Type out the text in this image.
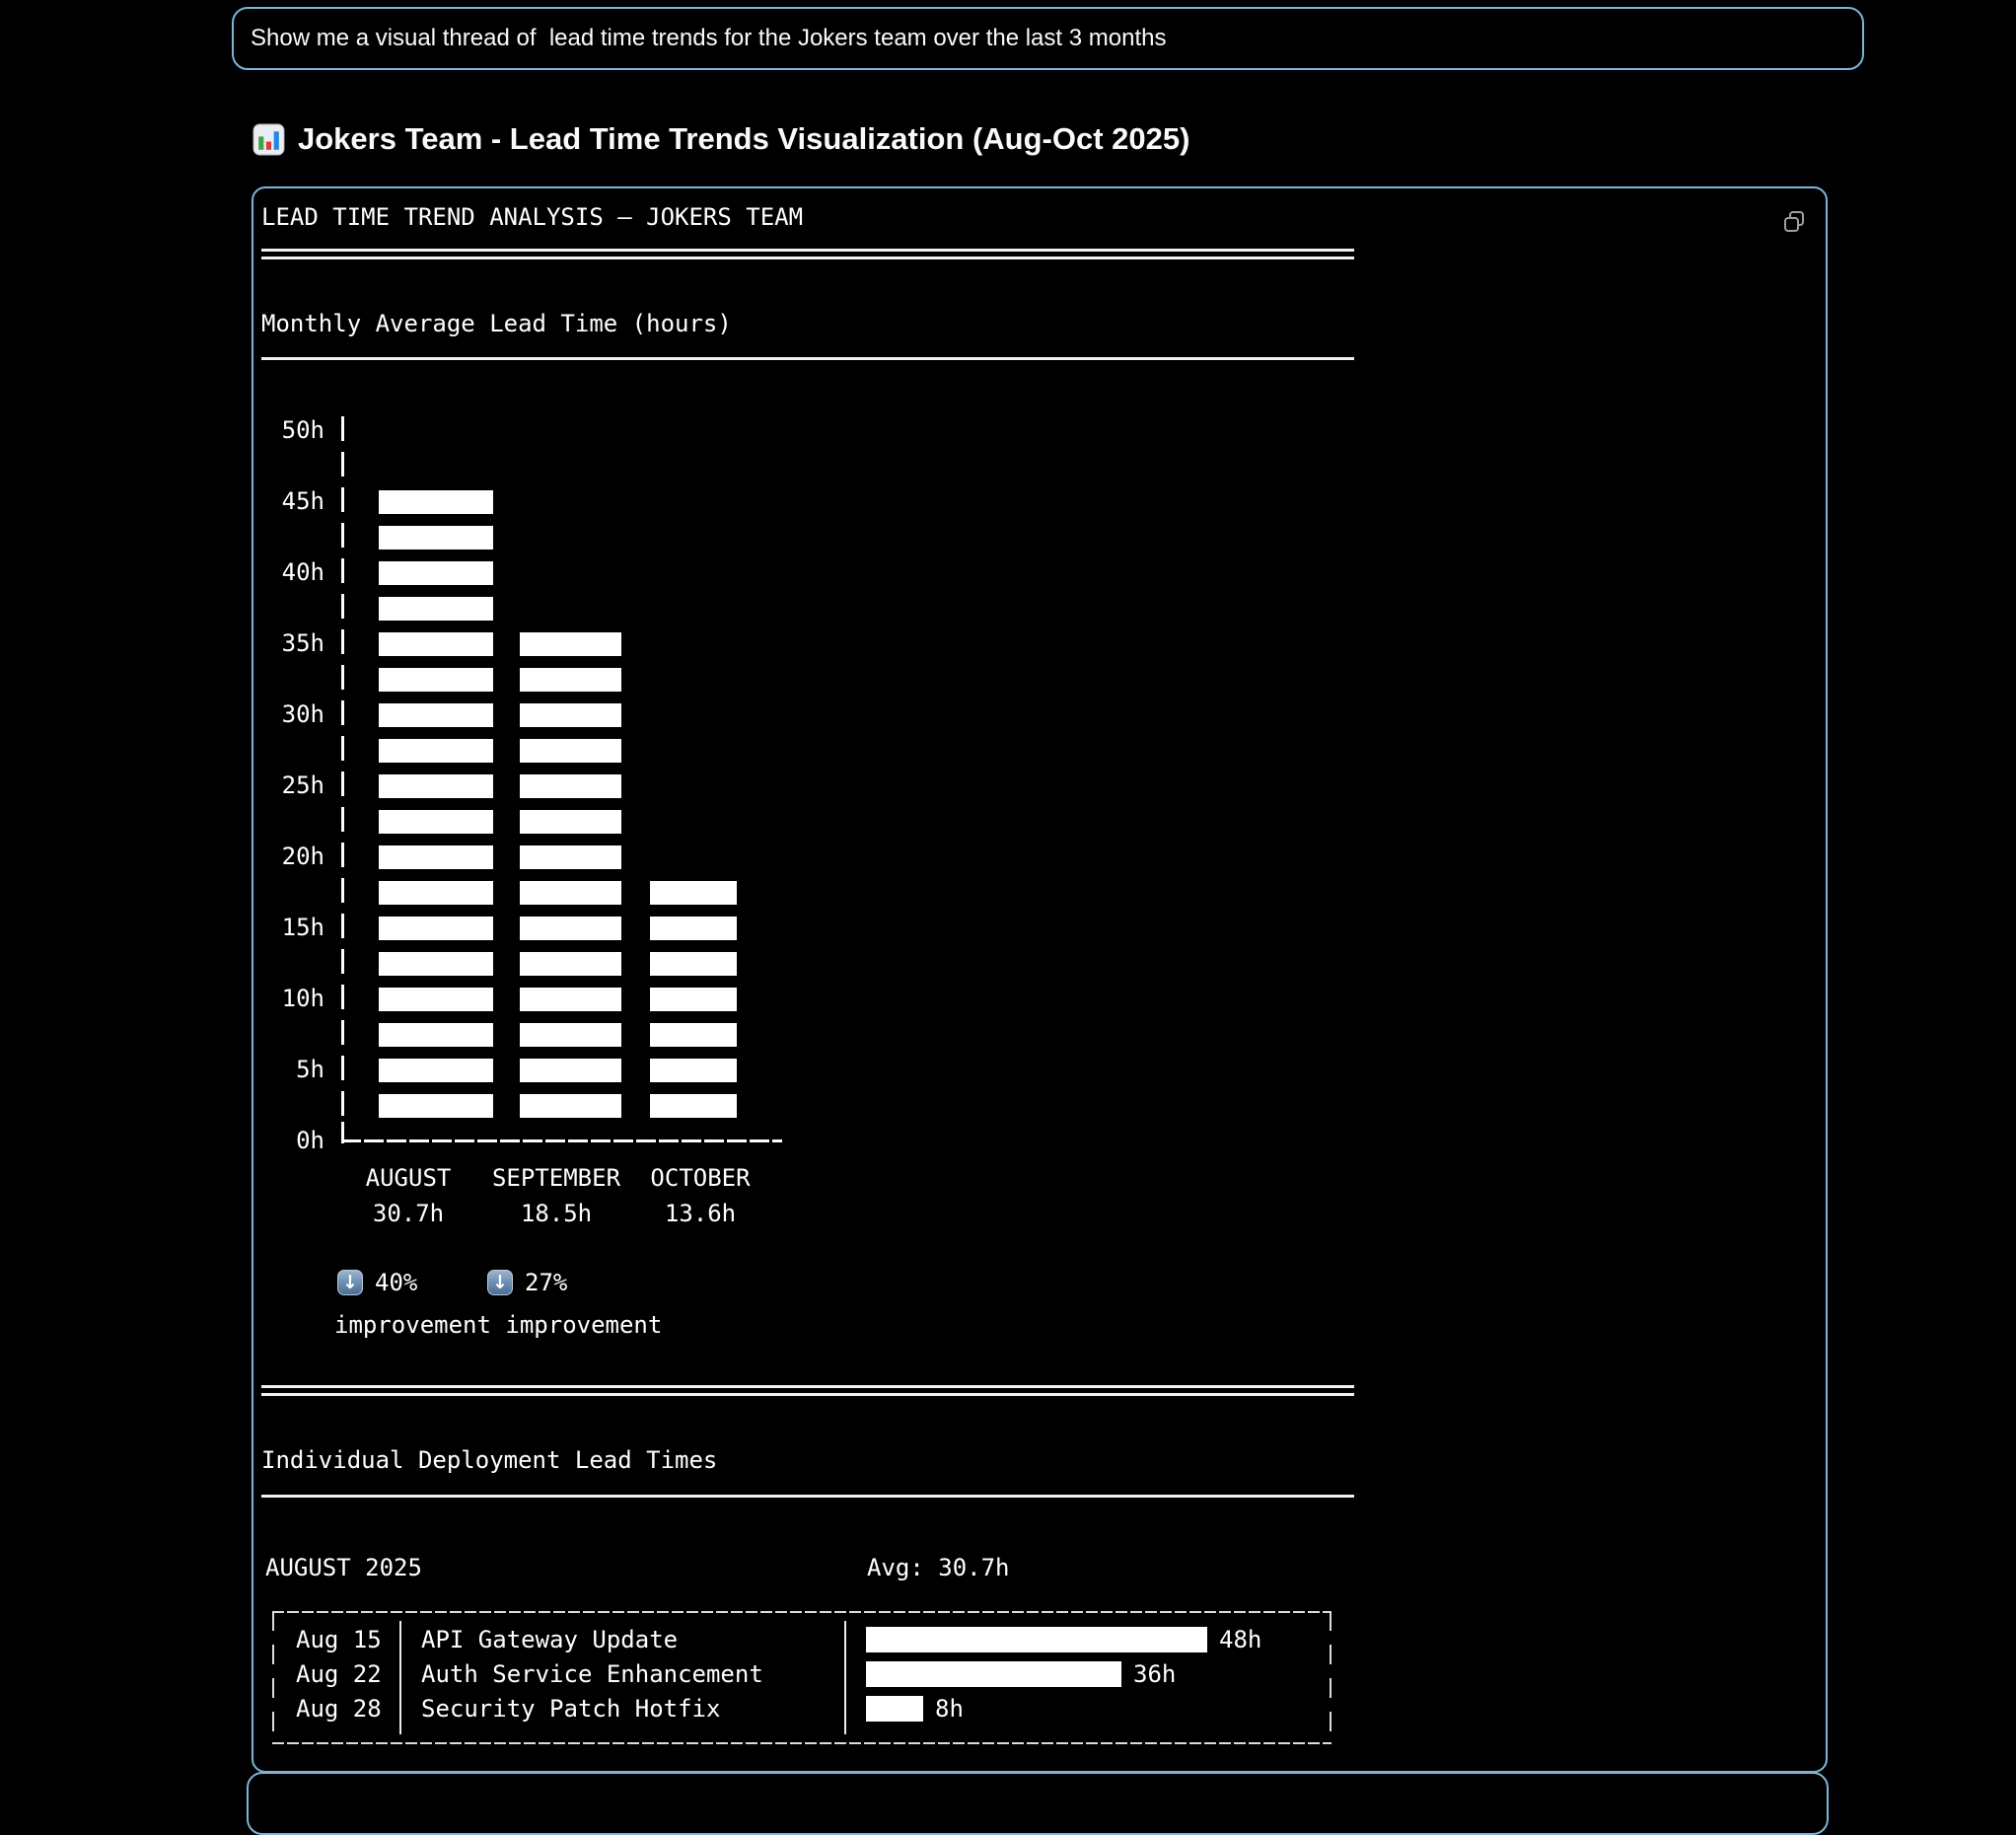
Show me a visual thread of  lead time trends for the Jokers team over the last 3 months
Jokers Team - Lead Time Trends Visualization (Aug-Oct 2025)
LEAD TIME TREND ANALYSIS — JOKERS TEAM
Monthly Average Lead Time (hours)
50h
45h
40h
35h
30h
25h
20h
15h
10h
5h
0h
AUGUST	SEPTEMBER	OCTOBER
30.7h	18.5h	13.6h
↓ 40%	↓ 27%
improvement improvement
Individual Deployment Lead Times
AUGUST 2025	Avg: 30.7h
Aug 15 API Gateway Update	48h
Aug 22 Auth Service Enhancement	36h
Aug 28 Security Patch Hotfix	8h
